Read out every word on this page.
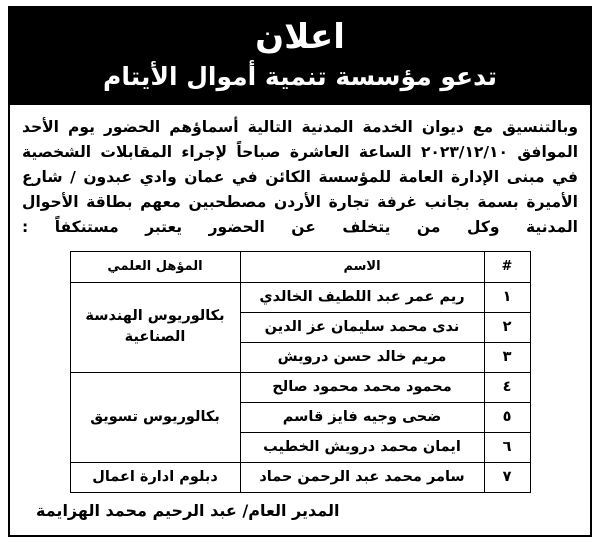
اعلان
تدعو مؤسسة تنمية أموال الأيتام

وبالتنسيق مع ديوان الخدمة المدنية التالية أسماؤهم الحضور يوم الأحد الموافق ٢٠٢٣/١٢/١٠ الساعة العاشرة صباحاً لإجراء المقابلات الشخصية في مبنى الإدارة العامة للمؤسسة الكائن في عمان وادي عبدون / شارع الأميرة بسمة بجانب غرفة تجارة الأردن مصطحبين معهم بطاقة الأحوال المدنية وكل من يتخلف عن الحضور يعتبر مستنكفاً :

#	الاسم	المؤهل العلمي
١	ريم عمر عبد اللطيف الخالدي	بكالوريوس الهندسة الصناعية
٢	ندى محمد سليمان عز الدين	
٣	مريم خالد حسن درويش	
٤	محمود محمد محمود صالح	بكالوريوس تسويق
٥	ضحى وجيه فايز قاسم	
٦	ايمان محمد درويش الخطيب	
٧	سامر محمد عبد الرحمن حماد	دبلوم ادارة اعمال
المدير العام/ عبد الرحيم محمد الهزايمة
